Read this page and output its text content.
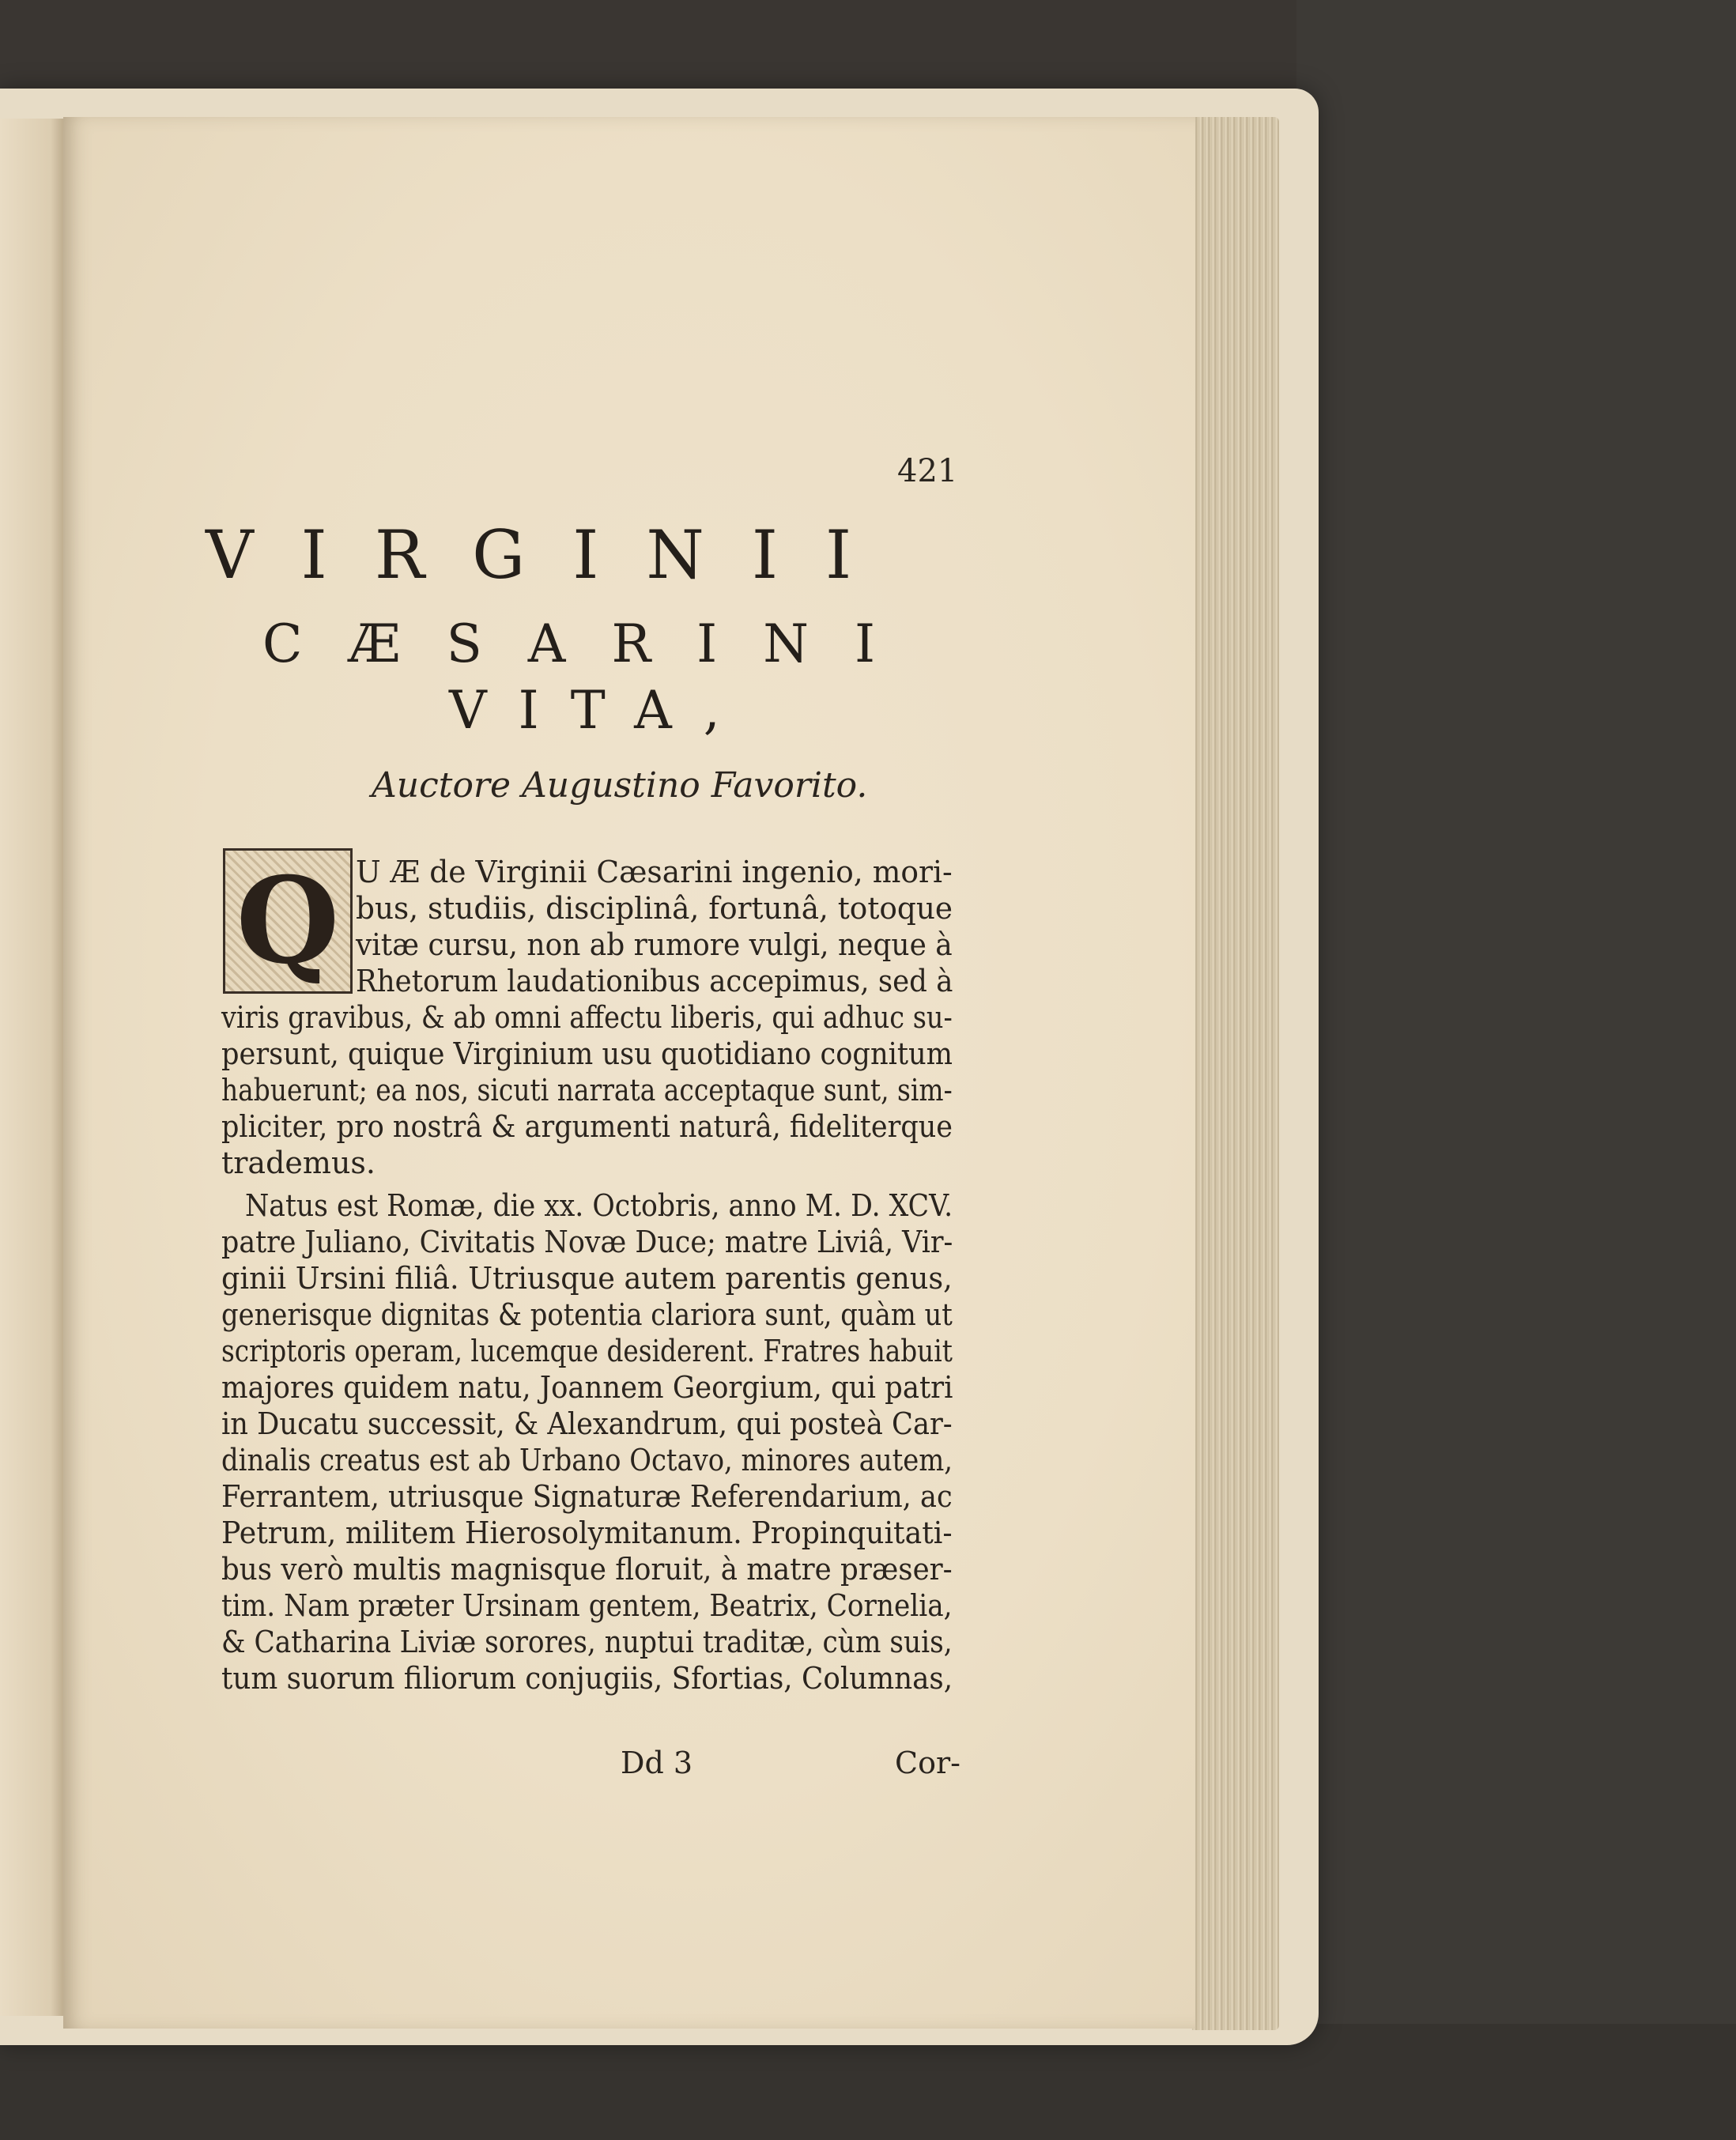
421
VIRGINII
CÆSARINI
VITA,

Auctore Augustino Favorito.

Q U Æ de Virginii Cæsarini ingenio, mori-

bus, studiis, disciplinâ, fortunâ, totoque

vitæ cursu, non ab rumore vulgi, neque à

Rhetorum laudationibus accepimus, sed à

viris gravibus, & ab omni affectu liberis, qui adhuc su-

persunt, quique Virginium usu quotidiano cognitum

habuerunt; ea nos, sicuti narrata acceptaque sunt, sim-

pliciter, pro nostrâ & argumenti naturâ, fideliterque

trademus.

Natus est Romæ, die xx. Octobris, anno M. D. XCV.

patre Juliano, Civitatis Novæ Duce; matre Liviâ, Vir-

ginii Ursini filiâ. Utriusque autem parentis genus,

generisque dignitas & potentia clariora sunt, quàm ut

scriptoris operam, lucemque desiderent. Fratres habuit

majores quidem natu, Joannem Georgium, qui patri

in Ducatu successit, & Alexandrum, qui posteà Car-

dinalis creatus est ab Urbano Octavo, minores autem,

Ferrantem, utriusque Signaturæ Referendarium, ac

Petrum, militem Hierosolymitanum. Propinquitati-

bus verò multis magnisque floruit, à matre præser-

tim. Nam præter Ursinam gentem, Beatrix, Cornelia,

& Catharina Liviæ sorores, nuptui traditæ, cùm suis,

tum suorum filiorum conjugiis, Sfortias, Columnas,

Dd 3	Cor-
